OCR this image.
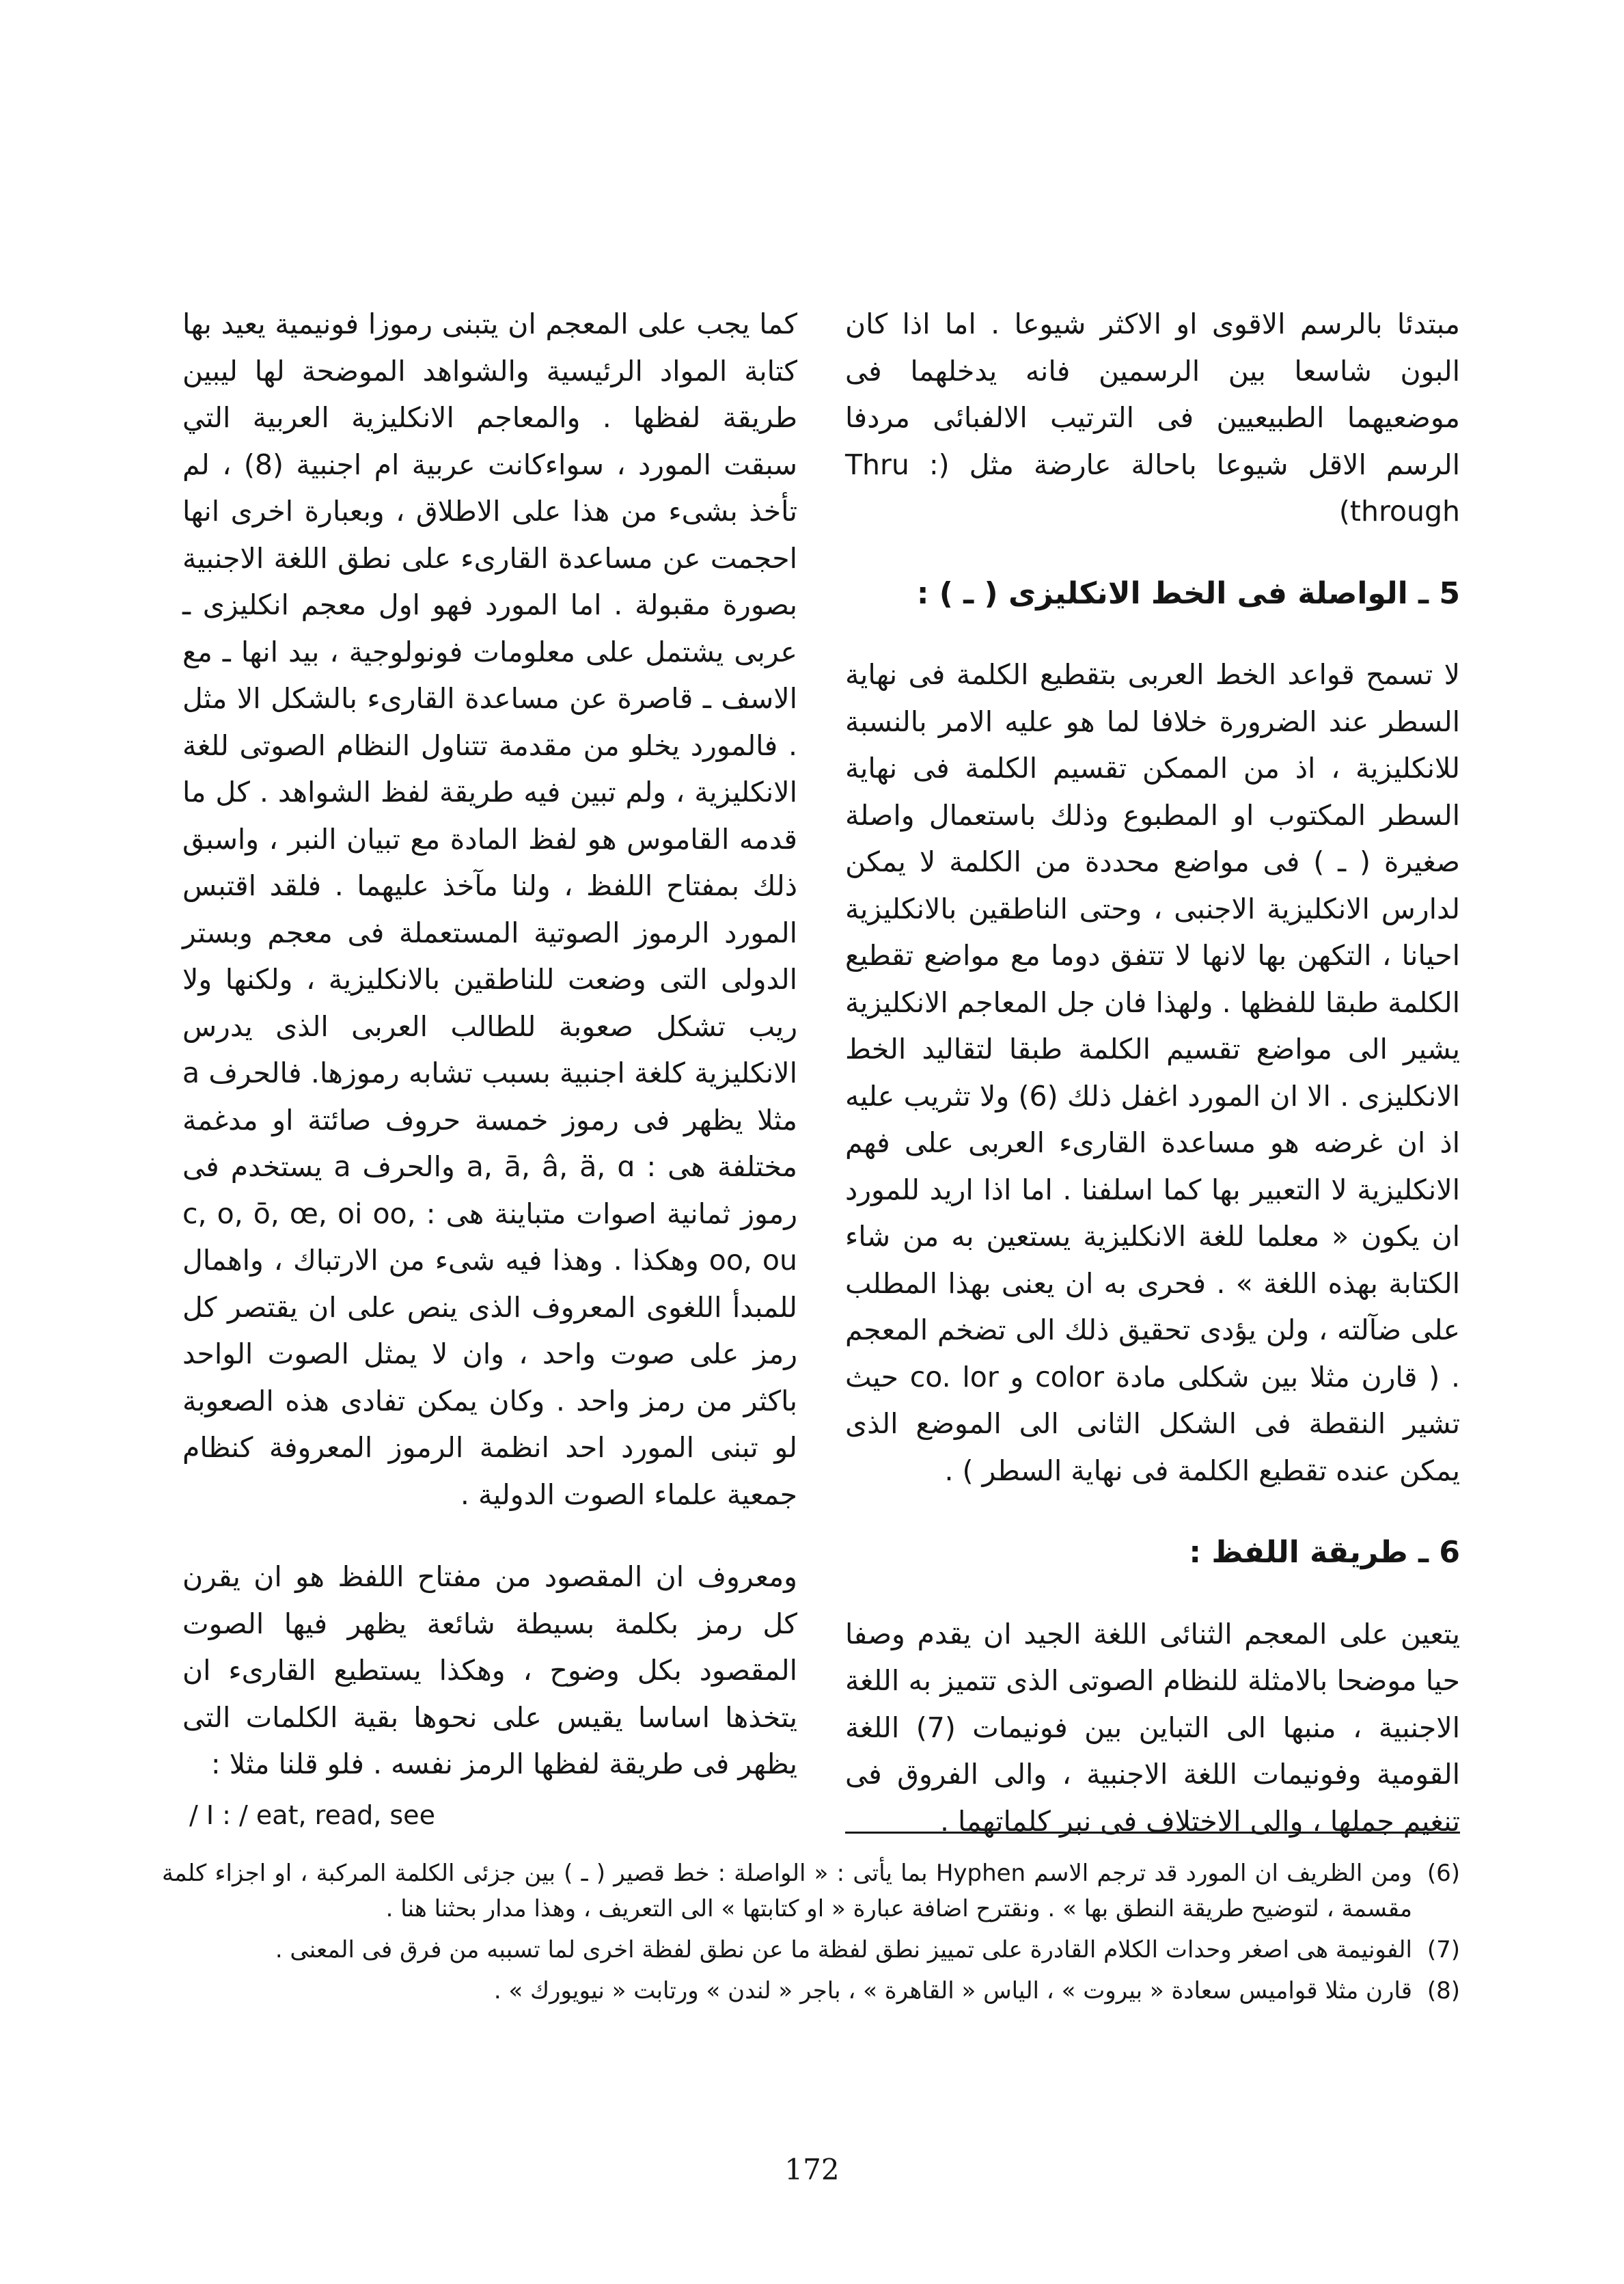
مبتدئا بالرسم الاقوى او الاكثر شيوعا . اما اذا كان البون شاسعا بين الرسمين فانه يدخلهما فى موضعيهما الطبيعيين فى الترتيب الالفبائى مردفا الرسم الاقل شيوعا باحالة عارضة مثل (Thru : through)

5 ـ الواصلة فى الخط الانكليزى ( ـ ) :

لا تسمح قواعد الخط العربى بتقطيع الكلمة فى نهاية السطر عند الضرورة خلافا لما هو عليه الامر بالنسبة للانكليزية ، اذ من الممكن تقسيم الكلمة فى نهاية السطر المكتوب او المطبوع وذلك باستعمال واصلة صغيرة ( ـ ) فى مواضع محددة من الكلمة لا يمكن لدارس الانكليزية الاجنبى ، وحتى الناطقين بالانكليزية احيانا ، التكهن بها لانها لا تتفق دوما مع مواضع تقطيع الكلمة طبقا للفظها . ولهذا فان جل المعاجم الانكليزية يشير الى مواضع تقسيم الكلمة طبقا لتقاليد الخط الانكليزى . الا ان المورد اغفل ذلك (6) ولا تثريب عليه اذ ان غرضه هو مساعدة القارىء العربى على فهم الانكليزية لا التعبير بها كما اسلفنا . اما اذا اريد للمورد ان يكون « معلما للغة الانكليزية يستعين به من شاء الكتابة بهذه اللغة » . فحرى به ان يعنى بهذا المطلب على ضآلته ، ولن يؤدى تحقيق ذلك الى تضخم المعجم . ( قارن مثلا بين شكلى مادة color و co. lor حيث تشير النقطة فى الشكل الثانى الى الموضع الذى يمكن عنده تقطيع الكلمة فى نهاية السطر ) .

6 ـ طريقة اللفظ :

يتعين على المعجم الثنائى اللغة الجيد ان يقدم وصفا حيا موضحا بالامثلة للنظام الصوتى الذى تتميز به اللغة الاجنبية ، منبها الى التباين بين فونيمات (7) اللغة القومية وفونيمات اللغة الاجنبية ، والى الفروق فى تنغيم جملها ، والى الاختلاف فى نبر كلماتهما .

كما يجب على المعجم ان يتبنى رموزا فونيمية يعيد بها كتابة المواد الرئيسية والشواهد الموضحة لها ليبين طريقة لفظها . والمعاجم الانكليزية العربية التي سبقت المورد ، سواءكانت عربية ام اجنبية (8) ، لم تأخذ بشىء من هذا على الاطلاق ، وبعبارة اخرى انها احجمت عن مساعدة القارىء على نطق اللغة الاجنبية بصورة مقبولة . اما المورد فهو اول معجم انكليزى ـ عربى يشتمل على معلومات فونولوجية ، بيد انها ـ مع الاسف ـ قاصرة عن مساعدة القارىء بالشكل الا مثل . فالمورد يخلو من مقدمة تتناول النظام الصوتى للغة الانكليزية ، ولم تبين فيه طريقة لفظ الشواهد . كل ما قدمه القاموس هو لفظ المادة مع تبيان النبر ، واسبق ذلك بمفتاح اللفظ ، ولنا مآخذ عليهما . فلقد اقتبس المورد الرموز الصوتية المستعملة فى معجم وبستر الدولى التى وضعت للناطقين بالانكليزية ، ولكنها ولا ريب تشكل صعوبة للطالب العربى الذى يدرس الانكليزية كلغة اجنبية بسبب تشابه رموزها. فالحرف a مثلا يظهر فى رموز خمسة حروف صائتة او مدغمة مختلفة هى : a, ā, â, ä, ɑ والحرف a يستخدم فى رموز ثمانية اصوات متباينة هى : c, o, ō, œ, oi oo, oo, ou وهكذا . وهذا فيه شىء من الارتباك ، واهمال للمبدأ اللغوى المعروف الذى ينص على ان يقتصر كل رمز على صوت واحد ، وان لا يمثل الصوت الواحد باكثر من رمز واحد . وكان يمكن تفادى هذه الصعوبة لو تبنى المورد احد انظمة الرموز المعروفة كنظام جمعية علماء الصوت الدولية .

ومعروف ان المقصود من مفتاح اللفظ هو ان يقرن كل رمز بكلمة بسيطة شائعة يظهر فيها الصوت المقصود بكل وضوح ، وهكذا يستطيع القارىء ان يتخذها اساسا يقيس على نحوها بقية الكلمات التى يظهر فى طريقة لفظها الرمز نفسه . فلو قلنا مثلا :

/ I : / eat, read, see
(6)
ومن الظريف ان المورد قد ترجم الاسم Hyphen بما يأتى : « الواصلة : خط قصير ( ـ ) بين جزئى الكلمة المركبة ، او اجزاء كلمة مقسمة ، لتوضيح طريقة النطق بها » . ونقترح اضافة عبارة « او كتابتها » الى التعريف ، وهذا مدار بحثنا هنا .
(7)
الفونيمة هى اصغر وحدات الكلام القادرة على تمييز نطق لفظة ما عن نطق لفظة اخرى لما تسببه من فرق فى المعنى .
(8)
قارن مثلا قواميس سعادة « بيروت » ، الياس « القاهرة » ، باجر « لندن » ورتابت « نيويورك » .
172
